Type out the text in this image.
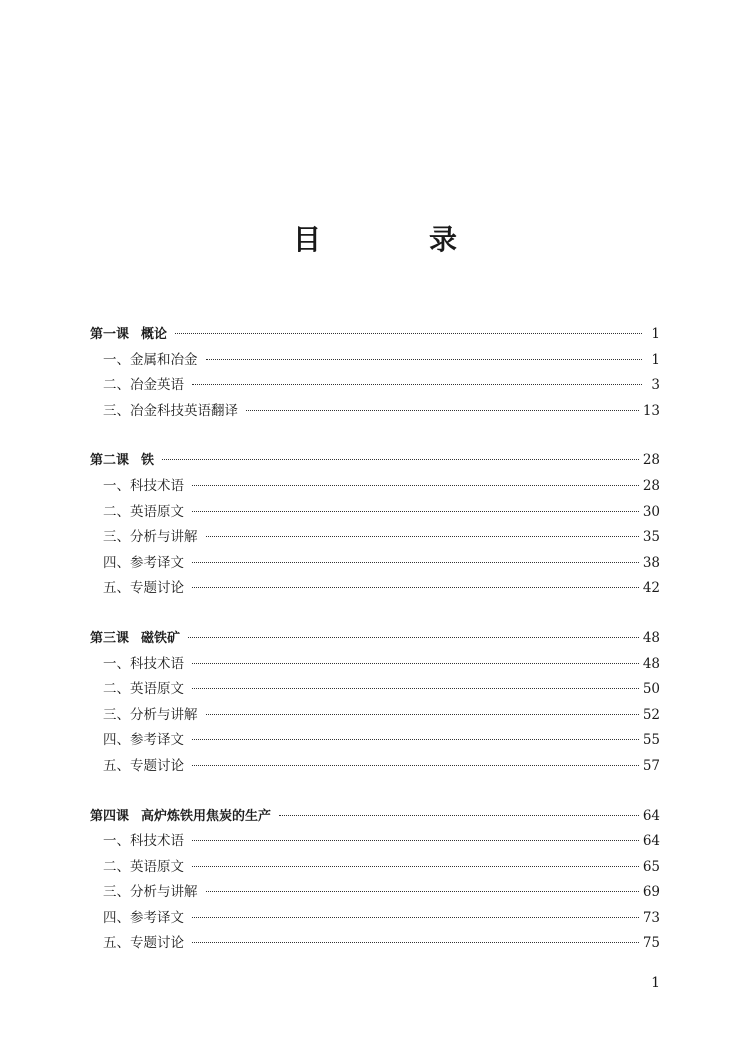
目　录
第一课 概论	1
一、金属和冶金	1
二、冶金英语	3
三、冶金科技英语翻译	13
第二课 铁	28
一、科技术语	28
二、英语原文	30
三、分析与讲解	35
四、参考译文	38
五、专题讨论	42
第三课 磁铁矿	48
一、科技术语	48
二、英语原文	50
三、分析与讲解	52
四、参考译文	55
五、专题讨论	57
第四课 高炉炼铁用焦炭的生产	64
一、科技术语	64
二、英语原文	65
三、分析与讲解	69
四、参考译文	73
五、专题讨论	75
1
